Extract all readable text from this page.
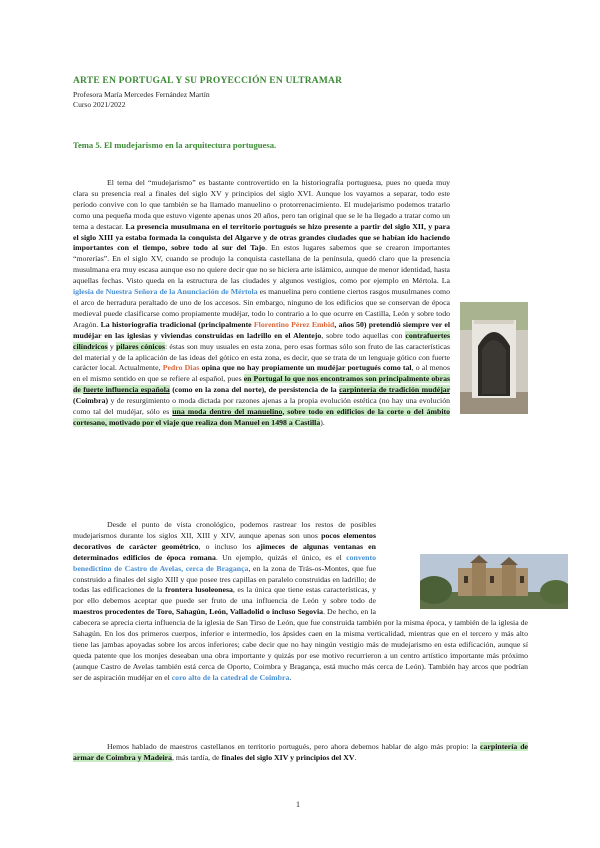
ARTE EN PORTUGAL Y SU PROYECCIÓN EN ULTRAMAR
Profesora María Mercedes Fernández Martín
Curso 2021/2022
Tema 5. El mudejarismo en la arquitectura portuguesa.
El tema del “mudejarismo” es bastante controvertido en la historiografía portuguesa, pues no queda muy clara su presencia real a finales del siglo XV y principios del siglo XVI. Aunque los vayamos a separar, todo este período convive con lo que también se ha llamado manuelino o protorrenacimiento. El mudejarismo podemos tratarlo como una pequeña moda que estuvo vigente apenas unos 20 años, pero tan original que se le ha llegado a tratar como un tema a destacar. La presencia musulmana en el territorio portugués se hizo presente a partir del siglo XII, y para el siglo XIII ya estaba formada la conquista del Algarve y de otras grandes ciudades que se habían ido haciendo importantes con el tiempo, sobre todo al sur del Tajo. En estos lugares sabemos que se crearon importantes “morerías”. En el siglo XV, cuando se produjo la conquista castellana de la península, quedó claro que la presencia musulmana era muy escasa aunque eso no quiere decir que no se hiciera arte islámico, aunque de menor identidad, hasta aquellas fechas. Visto queda en la estructura de las ciudades y algunos vestigios, como por ejemplo en Mértola. La iglesia de Nuestra Señora de la Anunciación de Mértola es manuelina pero contiene ciertos rasgos musulmanes como el arco de herradura peraltado de uno de los accesos. Sin embargo, ninguno de los edificios que se conservan de época medieval puede clasificarse como propiamente mudéjar, todo lo contrario a lo que ocurre en Castilla, León y sobre todo Aragón. La historiografía tradicional (principalmente Florentino Pérez Embid, años 50) pretendió siempre ver el mudéjar en las iglesias y viviendas construidas en ladrillo en el Alentejo, sobre todo aquellas con contrafuertes cilíndricos y pilares cónicos: éstas son muy usuales en esta zona, pero esas formas sólo son fruto de las características del material y de la aplicación de las ideas del gótico en esta zona, es decir, que se trata de un lenguaje gótico con fuerte carácter local. Actualmente, Pedro Dias opina que no hay propiamente un mudéjar portugués como tal, o al menos en el mismo sentido en que se refiere al español, pues en Portugal lo que nos encontramos son principalmente obras de fuerte influencia española (como en la zona del norte), de persistencia de la carpintería de tradición mudéjar (Coimbra) y de resurgimiento o moda dictada por razones ajenas a la propia evolución estética (no hay una evolución como tal del mudéjar, sólo es una moda dentro del manuelino, sobre todo en edificios de la corte o del ámbito cortesano, motivado por el viaje que realiza don Manuel en 1498 a Castilla).
Desde el punto de vista cronológico, podemos rastrear los restos de posibles mudejarismos durante los siglos XII, XIII y XIV, aunque apenas son unos pocos elementos decorativos de carácter geométrico, o incluso los ajimeces de algunas ventanas en determinados edificios de época romana. Un ejemplo, quizás el único, es el convento benedictino de Castro de Avelas, cerca de Bragança, en la zona de Trás-os-Montes, que fue construido a finales del siglo XIII y que posee tres capillas en paralelo construidas en ladrillo; de todas las edificaciones de la frontera lusoleonesa, es la única que tiene estas características, y por ello debemos aceptar que puede ser fruto de una influencia de León y sobre todo de maestros procedentes de Toro, Sahagún, León, Valladolid o incluso Segovia. De hecho, en la cabecera se aprecia cierta influencia de la iglesia de San Tirso de León, que fue construida también por la misma época, y también de la iglesia de Sahagún. En los dos primeros cuerpos, inferior e intermedio, los ápsides caen en la misma verticalidad, mientras que en el tercero y más alto tiene las jambas apoyadas sobre los arcos inferiores; cabe decir que no hay ningún vestigio más de mudejarismo en esta edificación, aunque sí queda patente que los monjes deseaban una obra importante y quizás por ese motivo recurrieron a un centro artístico importante más próximo (aunque Castro de Avelas también está cerca de Oporto, Coimbra y Bragança, está mucho más cerca de León). También hay arcos que podrían ser de aspiración mudéjar en el coro alto de la catedral de Coimbra.
Hemos hablado de maestros castellanos en territorio portugués, pero ahora debemos hablar de algo más propio: la carpintería de armar de Coimbra y Madeira, más tardía, de finales del siglo XIV y principios del XV.
1
